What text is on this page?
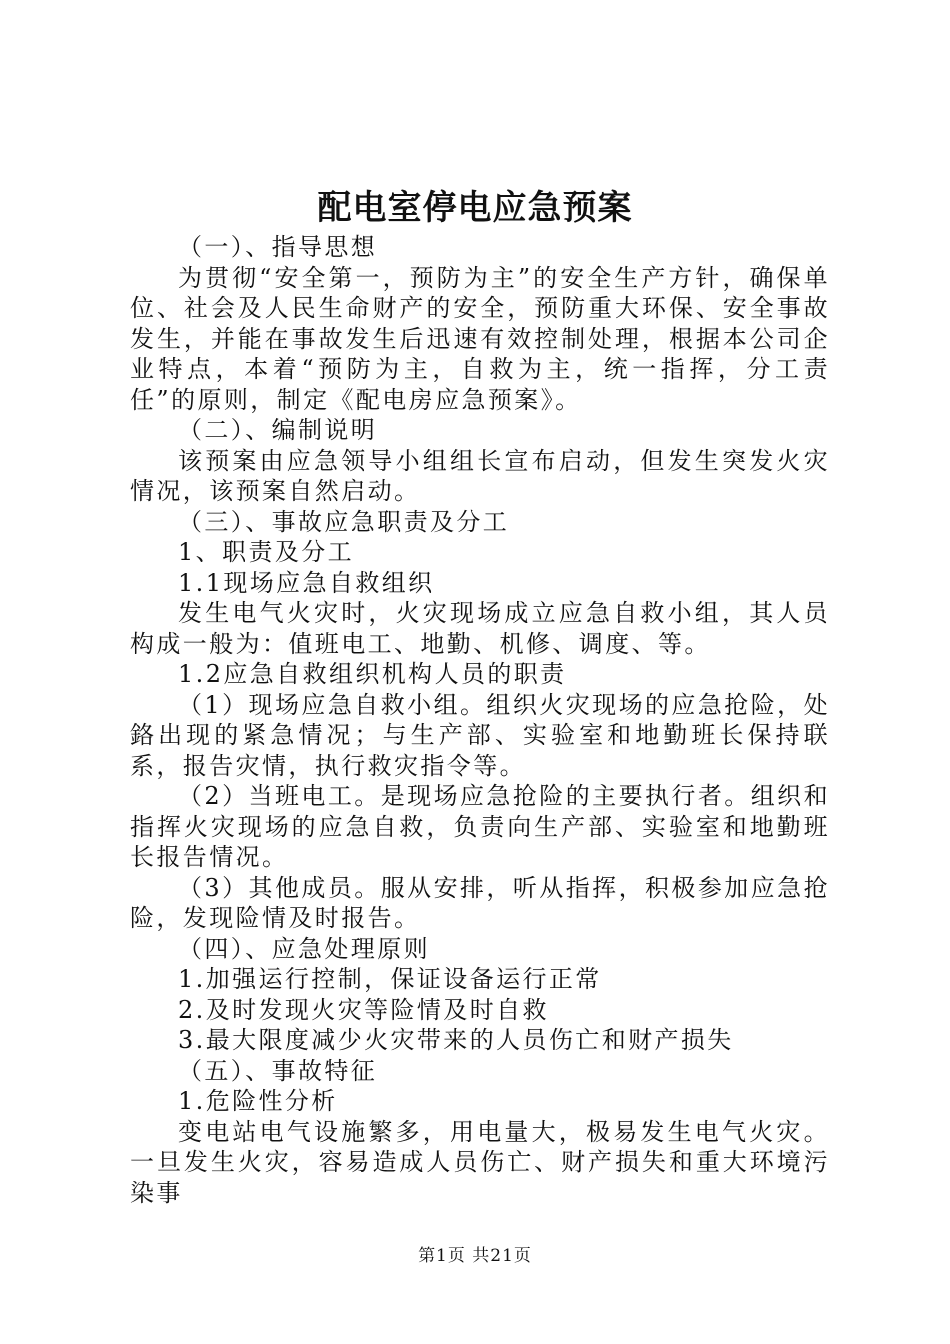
配电室停电应急预案

（一）、指导思想

为贯彻“安全第一，预防为主”的安全生产方针，确保单位、社会及人民生命财产的安全，预防重大环保、安全事故发生，并能在事故发生后迅速有效控制处理，根据本公司企业特点，本着“预防为主，自救为主，统一指挥，分工责任”的原则，制定《配电房应急预案》。

（二）、编制说明

该预案由应急领导小组组长宣布启动，但发生突发火灾情况，该预案自然启动。

（三）、事故应急职责及分工

1、职责及分工

1.1现场应急自救组织

发生电气火灾时，火灾现场成立应急自救小组，其人员构成一般为：值班电工、地勤、机修、调度、等。

1.2应急自救组织机构人员的职责

（1）现场应急自救小组。组织火灾现场的应急抢险，处鉻出现的紧急情况；与生产部、实验室和地勤班长保持联系，报告灾情，执行救灾指令等。

（2）当班电工。是现场应急抢险的主要执行者。组织和指挥火灾现场的应急自救，负责向生产部、实验室和地勤班长报告情况。

（3）其他成员。服从安排，听从指挥，积极参加应急抢险，发现险情及时报告。

（四）、应急处理原则

1.加强运行控制，保证设备运行正常

2.及时发现火灾等险情及时自救

3.最大限度减少火灾带来的人员伤亡和财产损失

（五）、事故特征

1.危险性分析

变电站电气设施繁多，用电量大，极易发生电气火灾。一旦发生火灾，容易造成人员伤亡、财产损失和重大环境污染事

第1页 共21页
